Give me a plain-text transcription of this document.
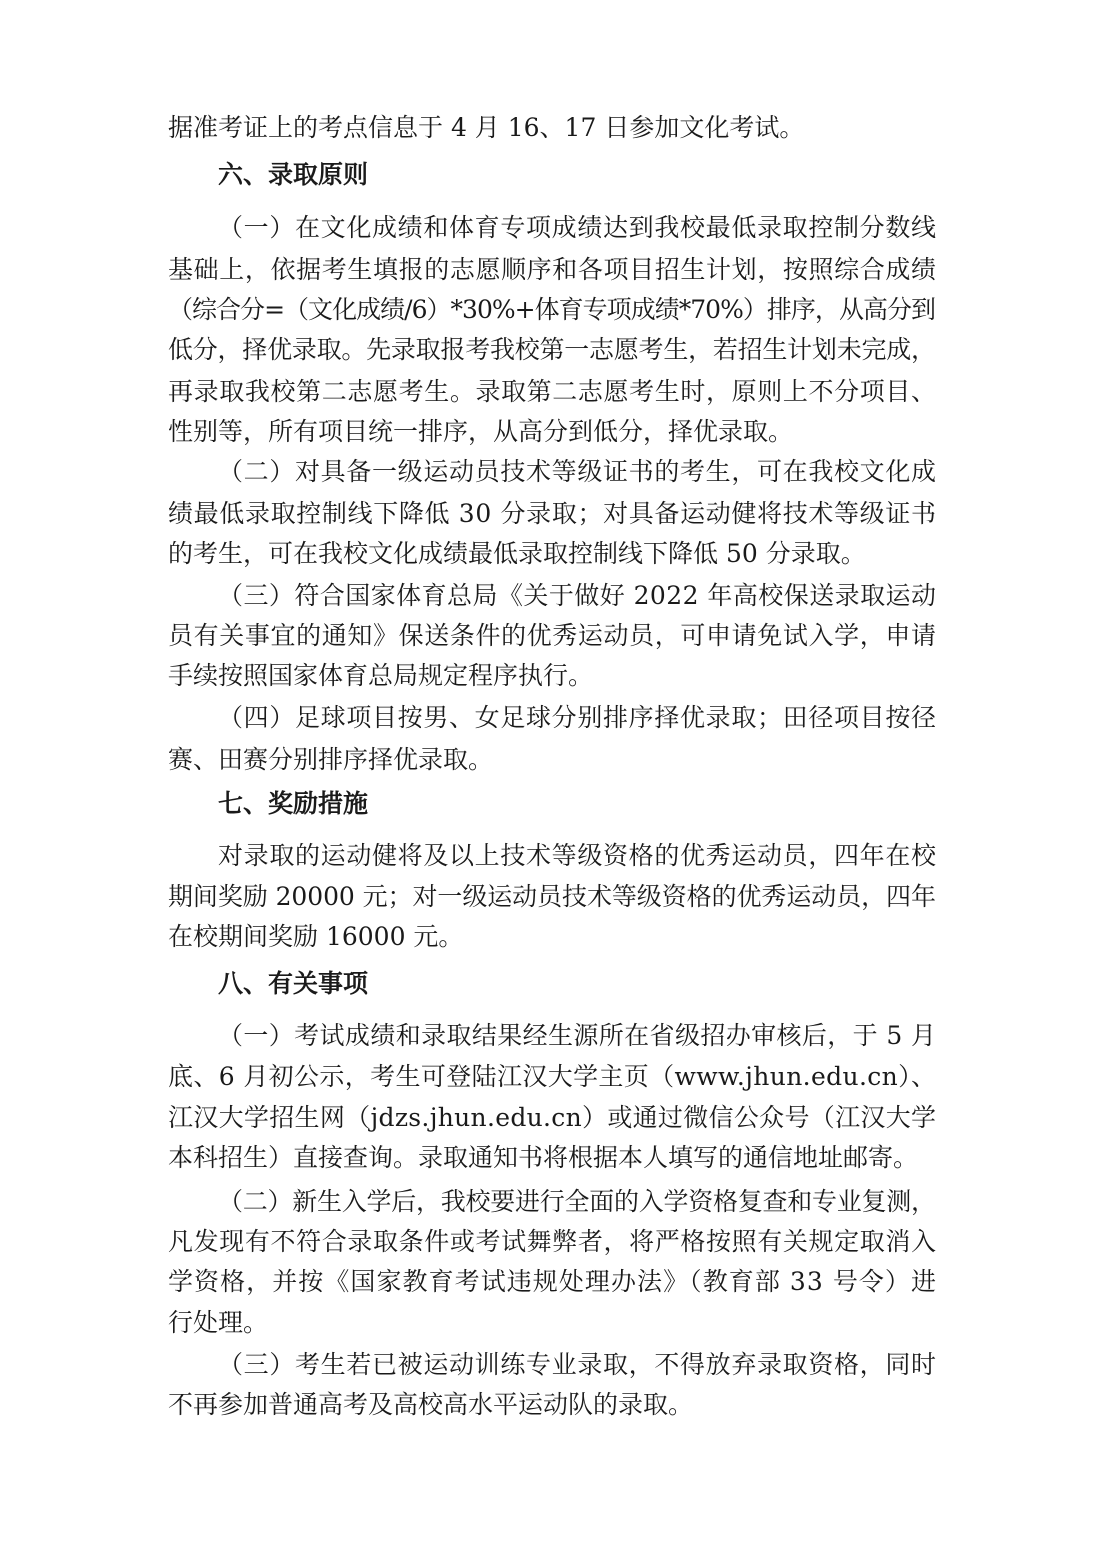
据准考证上的考点信息于 4 月 16、17 日参加文化考试。
六、录取原则
（一）在文化成绩和体育专项成绩达到我校最低录取控制分数线
基础上，依据考生填报的志愿顺序和各项目招生计划，按照综合成绩
（综合分=（文化成绩/6）*30%+体育专项成绩*70%）排序，从高分到
低分，择优录取。先录取报考我校第一志愿考生，若招生计划未完成，
再录取我校第二志愿考生。录取第二志愿考生时，原则上不分项目、
性别等，所有项目统一排序，从高分到低分，择优录取。
（二）对具备一级运动员技术等级证书的考生，可在我校文化成
绩最低录取控制线下降低 30 分录取；对具备运动健将技术等级证书
的考生，可在我校文化成绩最低录取控制线下降低 50 分录取。
（三）符合国家体育总局《关于做好 2022 年高校保送录取运动
员有关事宜的通知》保送条件的优秀运动员，可申请免试入学，申请
手续按照国家体育总局规定程序执行。
（四）足球项目按男、女足球分别排序择优录取；田径项目按径
赛、田赛分别排序择优录取。
七、奖励措施
对录取的运动健将及以上技术等级资格的优秀运动员，四年在校
期间奖励 20000 元；对一级运动员技术等级资格的优秀运动员，四年
在校期间奖励 16000 元。
八、有关事项
（一）考试成绩和录取结果经生源所在省级招办审核后，于 5 月
底、6 月初公示，考生可登陆江汉大学主页（www.jhun.edu.cn）、
江汉大学招生网（jdzs.jhun.edu.cn）或通过微信公众号（江汉大学
本科招生）直接查询。录取通知书将根据本人填写的通信地址邮寄。
（二）新生入学后，我校要进行全面的入学资格复查和专业复测，
凡发现有不符合录取条件或考试舞弊者，将严格按照有关规定取消入
学资格，并按《国家教育考试违规处理办法》（教育部 33 号令）进
行处理。
（三）考生若已被运动训练专业录取，不得放弃录取资格，同时
不再参加普通高考及高校高水平运动队的录取。
